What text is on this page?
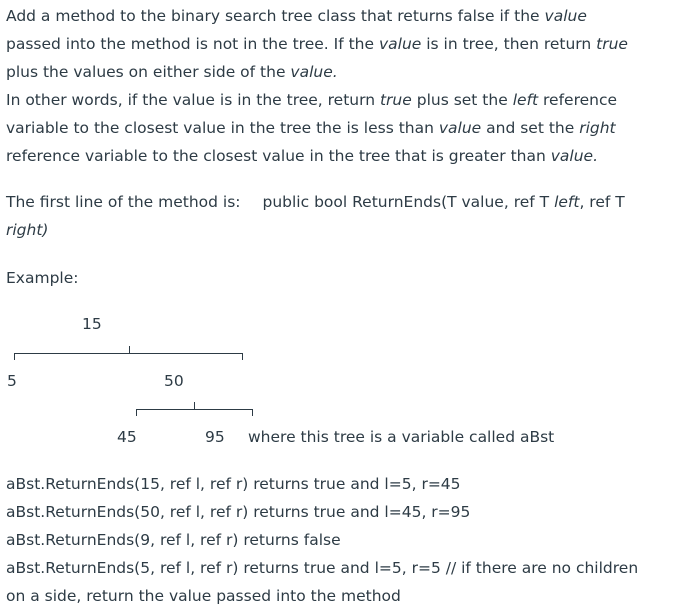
Add a method to the binary search tree class that returns false if the value
passed into the method is not in the tree. If the value is in tree, then return true
plus the values on either side of the value.
In other words, if the value is in the tree, return true plus set the left reference
variable to the closest value in the tree the is less than value and set the right
reference variable to the closest value in the tree that is greater than value.
The first line of the method is: public bool ReturnEnds(T value, ref T left, ref T
right)
Example:
15
5	50
45	95 where this tree is a variable called aBst
aBst.ReturnEnds(15, ref l, ref r) returns true and l=5, r=45
aBst.ReturnEnds(50, ref l, ref r) returns true and l=45, r=95
aBst.ReturnEnds(9, ref l, ref r) returns false
aBst.ReturnEnds(5, ref l, ref r) returns true and l=5, r=5 // if there are no children
on a side, return the value passed into the method
